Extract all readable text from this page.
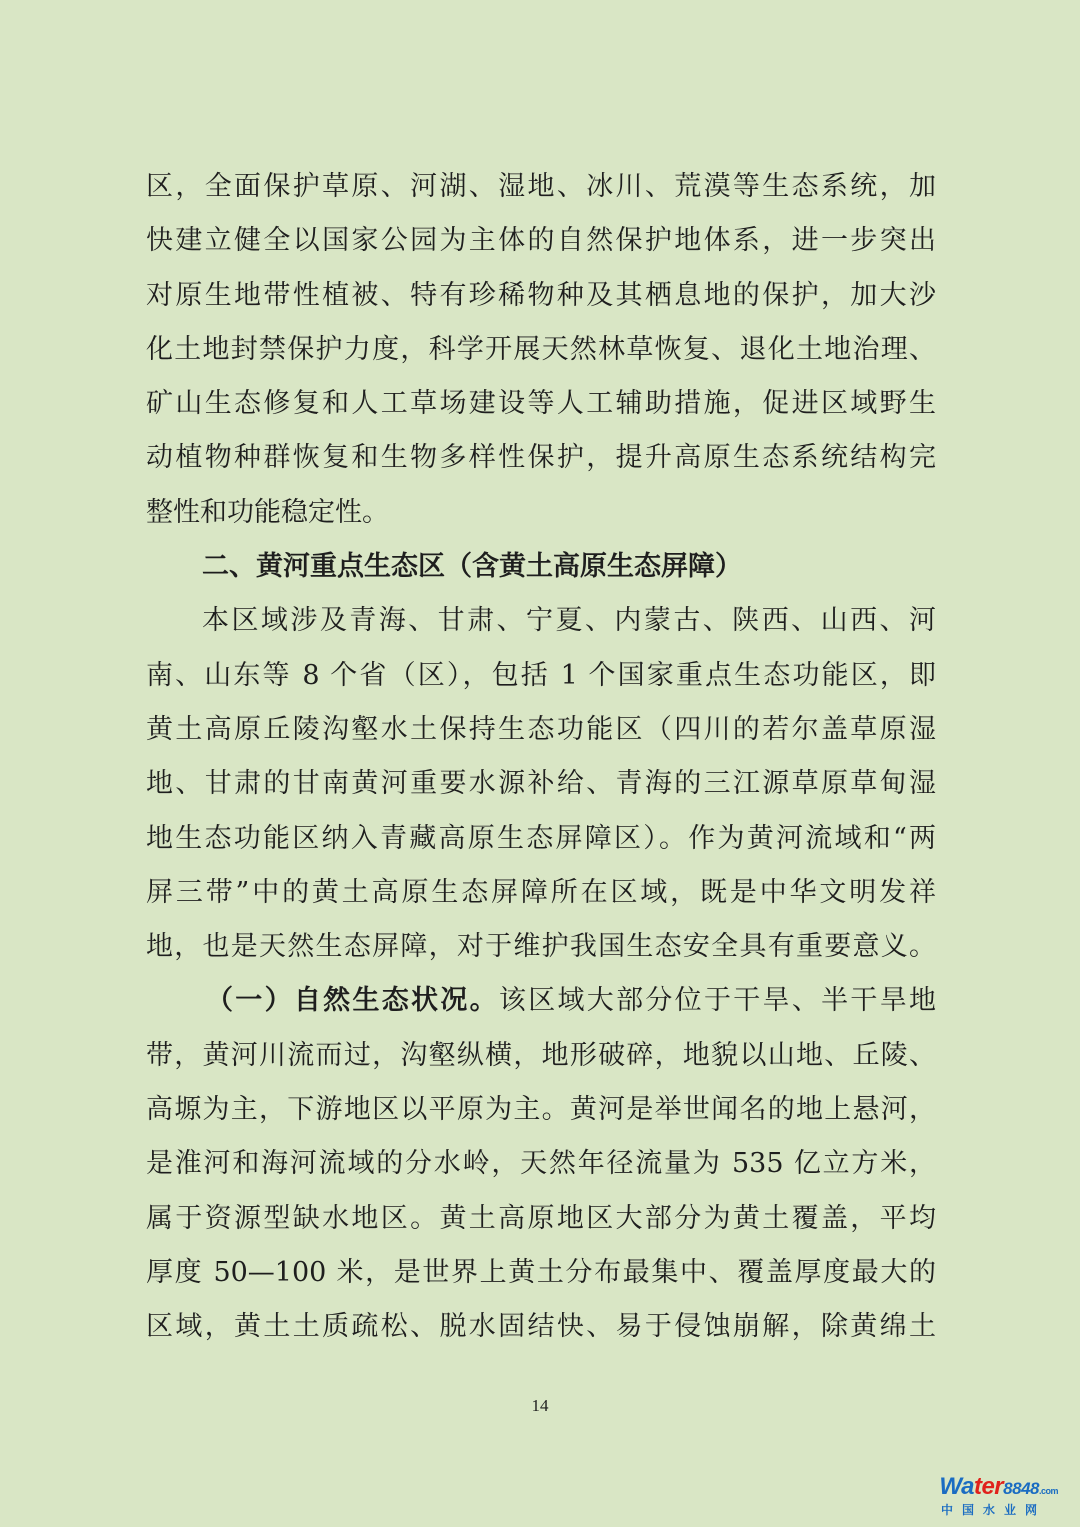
区，全面保护草原、河湖、湿地、冰川、荒漠等生态系统，加
快建立健全以国家公园为主体的自然保护地体系，进一步突出
对原生地带性植被、特有珍稀物种及其栖息地的保护，加大沙
化土地封禁保护力度，科学开展天然林草恢复、退化土地治理、
矿山生态修复和人工草场建设等人工辅助措施，促进区域野生
动植物种群恢复和生物多样性保护，提升高原生态系统结构完
整性和功能稳定性。
二、黄河重点生态区（含黄土高原生态屏障）
本区域涉及青海、甘肃、宁夏、内蒙古、陕西、山西、河
南、山东等 8 个省（区），包括 1 个国家重点生态功能区，即
黄土高原丘陵沟壑水土保持生态功能区（四川的若尔盖草原湿
地、甘肃的甘南黄河重要水源补给、青海的三江源草原草甸湿
地生态功能区纳入青藏高原生态屏障区）。作为黄河流域和“两
屏三带”中的黄土高原生态屏障所在区域，既是中华文明发祥
地，也是天然生态屏障，对于维护我国生态安全具有重要意义。
（一）自然生态状况。该区域大部分位于干旱、半干旱地
带，黄河川流而过，沟壑纵横，地形破碎，地貌以山地、丘陵、
高塬为主，下游地区以平原为主。黄河是举世闻名的地上悬河，
是淮河和海河流域的分水岭，天然年径流量为 535 亿立方米，
属于资源型缺水地区。黄土高原地区大部分为黄土覆盖，平均
厚度 50—100 米，是世界上黄土分布最集中、覆盖厚度最大的
区域，黄土土质疏松、脱水固结快、易于侵蚀崩解，除黄绵土
14
Water8848.com
中国水业网
